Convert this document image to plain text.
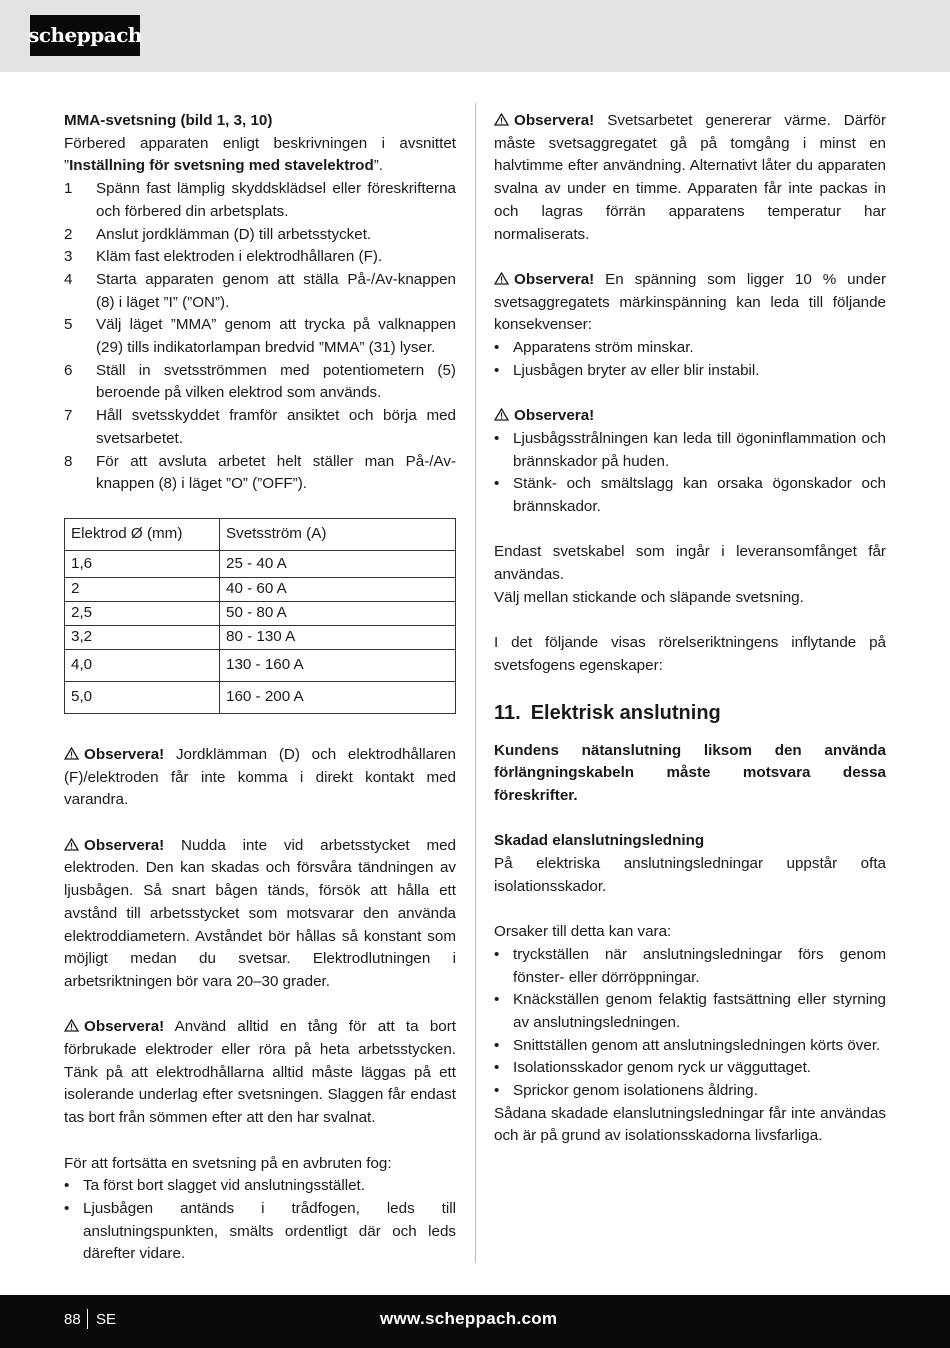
scheppach

MMA-svetsning (bild 1, 3, 10)

Förbered apparaten enligt beskrivningen i avsnittet ”Inställning för svetsning med stavelektrod”.

1	Spänn fast lämplig skyddsklädsel eller föreskrifterna och förbered din arbetsplats.
2	Anslut jordklämman (D) till arbetsstycket.
3	Kläm fast elektroden i elektrodhållaren (F).
4	Starta apparaten genom att ställa På-/Av-knappen (8) i läget ”I” (”ON”).
5	Välj läget ”MMA” genom att trycka på valknappen (29) tills indikatorlampan bredvid ”MMA” (31) lyser.
6	Ställ in svetsströmmen med potentiometern (5) beroende på vilken elektrod som används.
7	Håll svetsskyddet framför ansiktet och börja med svetsarbetet.
8	För att avsluta arbetet helt ställer man På-/Av-knappen (8) i läget ”O” (”OFF”).
Elektrod Ø (mm)	Svetsström (A)
1,6	25 - 40 A
2	40 - 60 A
2,5	50 - 80 A
3,2	80 - 130 A
4,0	130 - 160 A
5,0	160 - 200 A

Observera! Jordklämman (D) och elektrodhållaren (F)/elektroden får inte komma i direkt kontakt med varandra.

Observera! Nudda inte vid arbetsstycket med elektroden. Den kan skadas och försvåra tändningen av ljusbågen. Så snart bågen tänds, försök att hålla ett avstånd till arbetsstycket som motsvarar den använda elektroddiametern. Avståndet bör hållas så konstant som möjligt medan du svetsar. Elektrodlutningen i arbetsriktningen bör vara 20–30 grader.

Observera! Använd alltid en tång för att ta bort förbrukade elektroder eller röra på heta arbetsstycken. Tänk på att elektrodhållarna alltid måste läggas på ett isolerande underlag efter svetsningen. Slaggen får endast tas bort från sömmen efter att den har svalnat.

För att fortsätta en svetsning på en avbruten fog:

• Ta först bort slagget vid anslutningsstället.
• Ljusbågen antänds i trådfogen, leds till anslutningspunkten, smälts ordentligt där och leds därefter vidare.

Observera! Svetsarbetet genererar värme. Därför måste svetsaggregatet gå på tomgång i minst en halvtimme efter användning. Alternativt låter du apparaten svalna av under en timme. Apparaten får inte packas in och lagras förrän apparatens temperatur har normaliserats.

Observera! En spänning som ligger 10 % under svetsaggregatets märkinspänning kan leda till följande konsekvenser:

• Apparatens ström minskar.
• Ljusbågen bryter av eller blir instabil.

Observera!

• Ljusbågsstrålningen kan leda till ögoninflammation och brännskador på huden.
• Stänk- och smältslagg kan orsaka ögonskador och brännskador.

Endast svetskabel som ingår i leveransomfånget får användas.

Välj mellan stickande och släpande svetsning.

I det följande visas rörelseriktningens inflytande på svetsfogens egenskaper:

11. Elektrisk anslutning

Kundens nätanslutning liksom den använda förlängningskabeln måste motsvara dessa föreskrifter.

Skadad elanslutningsledning

På elektriska anslutningsledningar uppstår ofta isolationsskador.

Orsaker till detta kan vara:

• tryckställen när anslutningsledningar förs genom fönster- eller dörröppningar.
• Knäckställen genom felaktig fastsättning eller styrning av anslutningsledningen.
• Snittställen genom att anslutningsledningen körts över.
• Isolationsskador genom ryck ur vägguttaget.
• Sprickor genom isolationens åldring.

Sådana skadade elanslutningsledningar får inte användas och är på grund av isolationsskadorna livsfarliga.

88 SE	www.scheppach.com
